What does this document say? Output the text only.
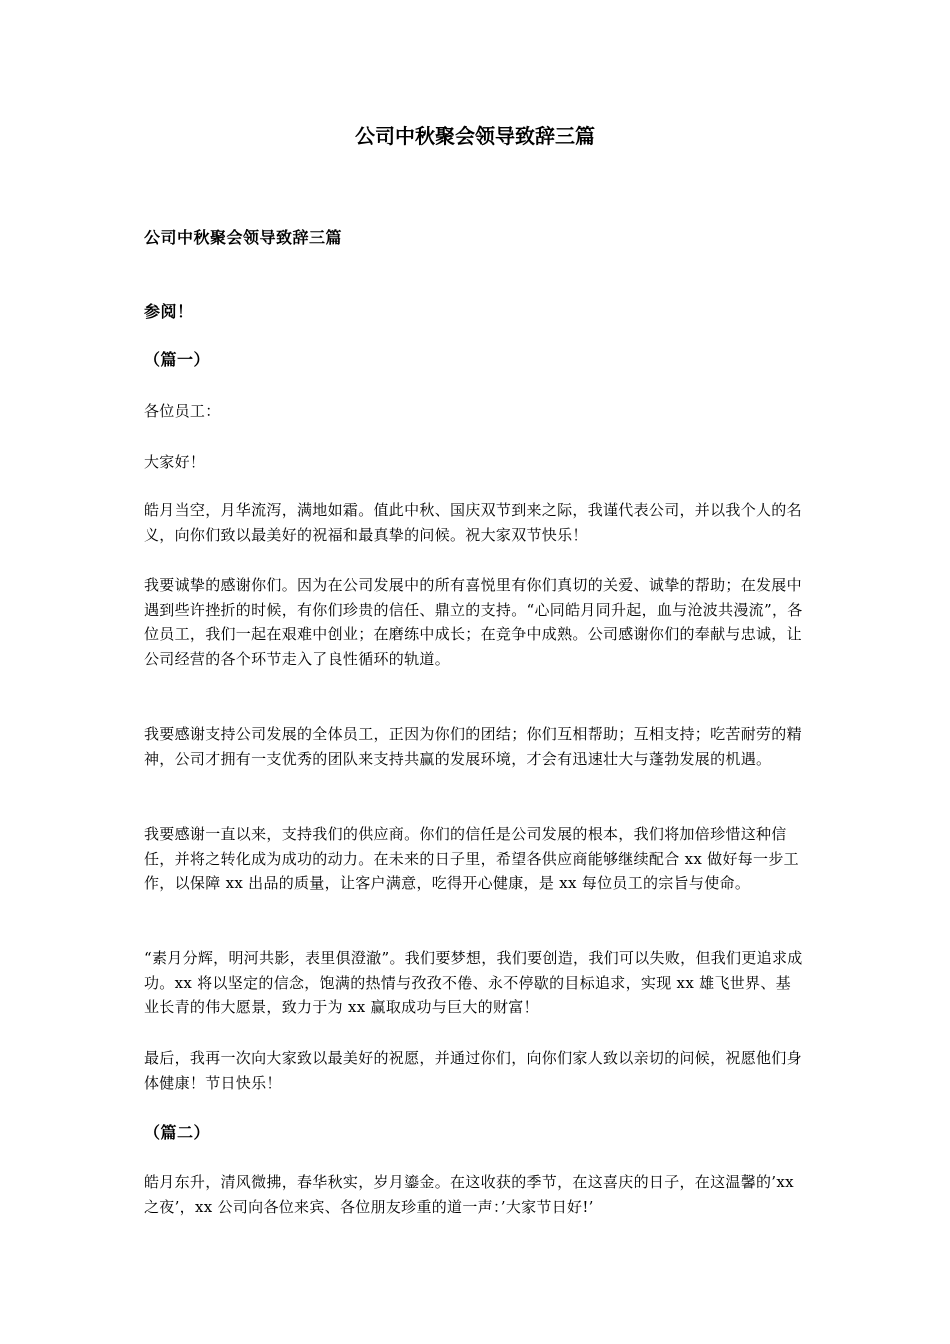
公司中秋聚会领导致辞三篇

公司中秋聚会领导致辞三篇

参阅！

（篇一）

各位员工：

大家好！

皓月当空，月华流泻，满地如霜。值此中秋、国庆双节到来之际，我谨代表公司，并以我个人的名义，向你们致以最美好的祝福和最真挚的问候。祝大家双节快乐！

我要诚挚的感谢你们。因为在公司发展中的所有喜悦里有你们真切的关爱、诚挚的帮助；在发展中遇到些许挫折的时候，有你们珍贵的信任、鼎立的支持。“心同皓月同升起，血与沧波共漫流”，各位员工，我们一起在艰难中创业；在磨练中成长；在竞争中成熟。公司感谢你们的奉献与忠诚，让公司经营的各个环节走入了良性循环的轨道。

我要感谢支持公司发展的全体员工，正因为你们的团结；你们互相帮助；互相支持；吃苦耐劳的精神，公司才拥有一支优秀的团队来支持共赢的发展环境，才会有迅速壮大与蓬勃发展的机遇。

我要感谢一直以来，支持我们的供应商。你们的信任是公司发展的根本，我们将加倍珍惜这种信任，并将之转化成为成功的动力。在未来的日子里，希望各供应商能够继续配合 xx 做好每一步工作，以保障 xx 出品的质量，让客户满意，吃得开心健康，是 xx 每位员工的宗旨与使命。

“素月分辉，明河共影，表里俱澄澈”。我们要梦想，我们要创造，我们可以失败，但我们更追求成功。xx 将以坚定的信念，饱满的热情与孜孜不倦、永不停歇的目标追求，实现 xx 雄飞世界、基业长青的伟大愿景，致力于为 xx 赢取成功与巨大的财富！

最后，我再一次向大家致以最美好的祝愿，并通过你们，向你们家人致以亲切的问候，祝愿他们身体健康！节日快乐！

（篇二）

皓月东升，清风微拂，春华秋实，岁月鎏金。在这收获的季节，在这喜庆的日子，在这温馨的’xx 之夜’，xx 公司向各位来宾、各位朋友珍重的道一声：’大家节日好!’
